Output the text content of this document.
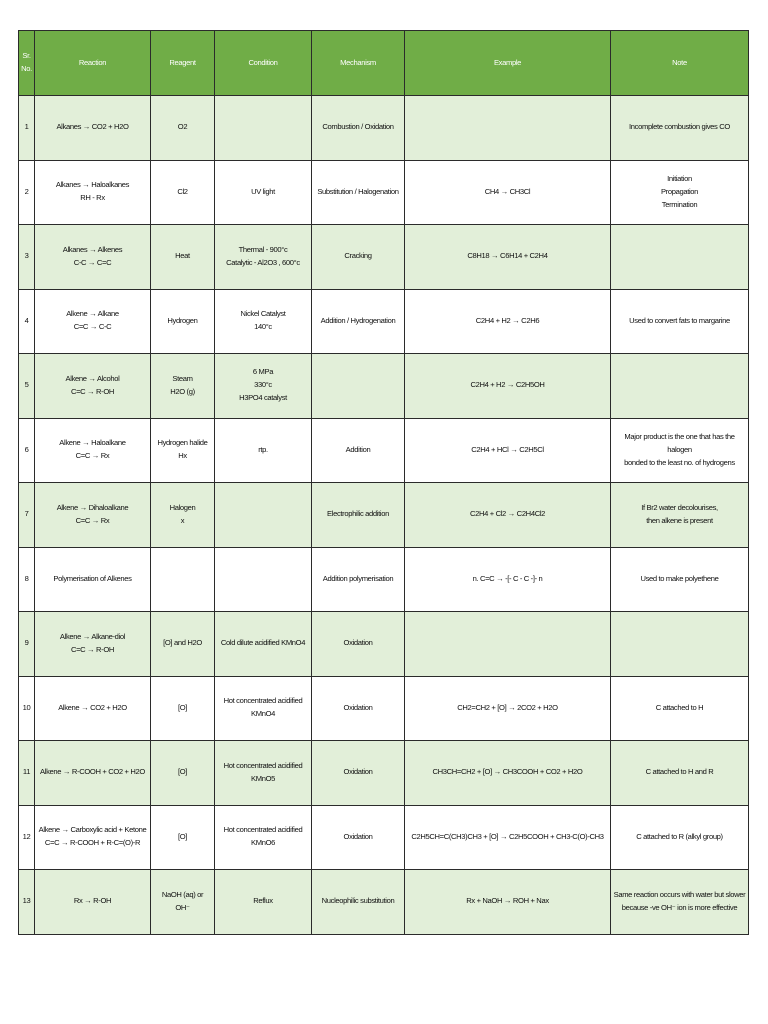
Sr. No.	Reaction	Reagent	Condition	Mechanism	Example	Note
1	Alkanes → CO2 + H2O	O2		Combustion / Oxidation		Incomplete combustion gives CO

2	Alkanes → Haloalkanes
RH - Rx	Cl2	UV light	Substitution / Halogenation	CH4 → CH3Cl	Initiation
Propagation
Termination

3	Alkanes → Alkenes
C-C → C=C	Heat	Thermal - 900°c
Catalytic - Al2O3 , 600°c	Cracking	C8H18 → C6H14 + C2H4	

4	Alkene → Alkane
C=C → C-C	Hydrogen	Nickel Catalyst
140°c	Addition / Hydrogenation	C2H4 + H2 → C2H6	Used to convert fats to margarine

5	Alkene → Alcohol
C=C → R-OH	Steam
H2O (g)	6 MPa
330°c
H3PO4 catalyst		C2H4 + H2 → C2H5OH	

6	Alkene → Haloalkane
C=C → Rx	Hydrogen halide
Hx	rtp.	Addition	C2H4 + HCl → C2H5Cl	Major product is the one that has the halogen
bonded to the least no. of hydrogens

7	Alkene → Dihaloalkane
C=C → Rx	Halogen
x		Electrophilic addition	C2H4 + Cl2 → C2H4Cl2	If Br2 water decolourises,
then alkene is present

8	Polymerisation of Alkenes			Addition polymerisation	n. C=C → -[- C - C -]- n	Used to make polyethene

9	Alkene → Alkane-diol
C=C → R-OH	[O] and H2O	Cold dilute acidified KMnO4	Oxidation		

10	Alkene → CO2 + H2O	[O]	Hot concentrated acidified
KMnO4	Oxidation	CH2=CH2 + [O] → 2CO2 + H2O	C attached to H

11	Alkene → R-COOH + CO2 + H2O	[O]	Hot concentrated acidified
KMnO5	Oxidation	CH3CH=CH2 + [O] → CH3COOH + CO2 + H2O	C attached to H and R

12	Alkene → Carboxylic acid + Ketone
C=C → R-COOH + R-C=(O)-R	[O]	Hot concentrated acidified
KMnO6	Oxidation	C2H5CH=C(CH3)CH3 + [O] → C2H5COOH + CH3-C(O)-CH3	C attached to R (alkyl group)

13	Rx → R-OH	NaOH (aq) or
OH⁻	Reflux	Nucleophilic substitution	Rx + NaOH → ROH + Nax	Same reaction occurs with water but slower
because -ve OH⁻ ion is more effective
